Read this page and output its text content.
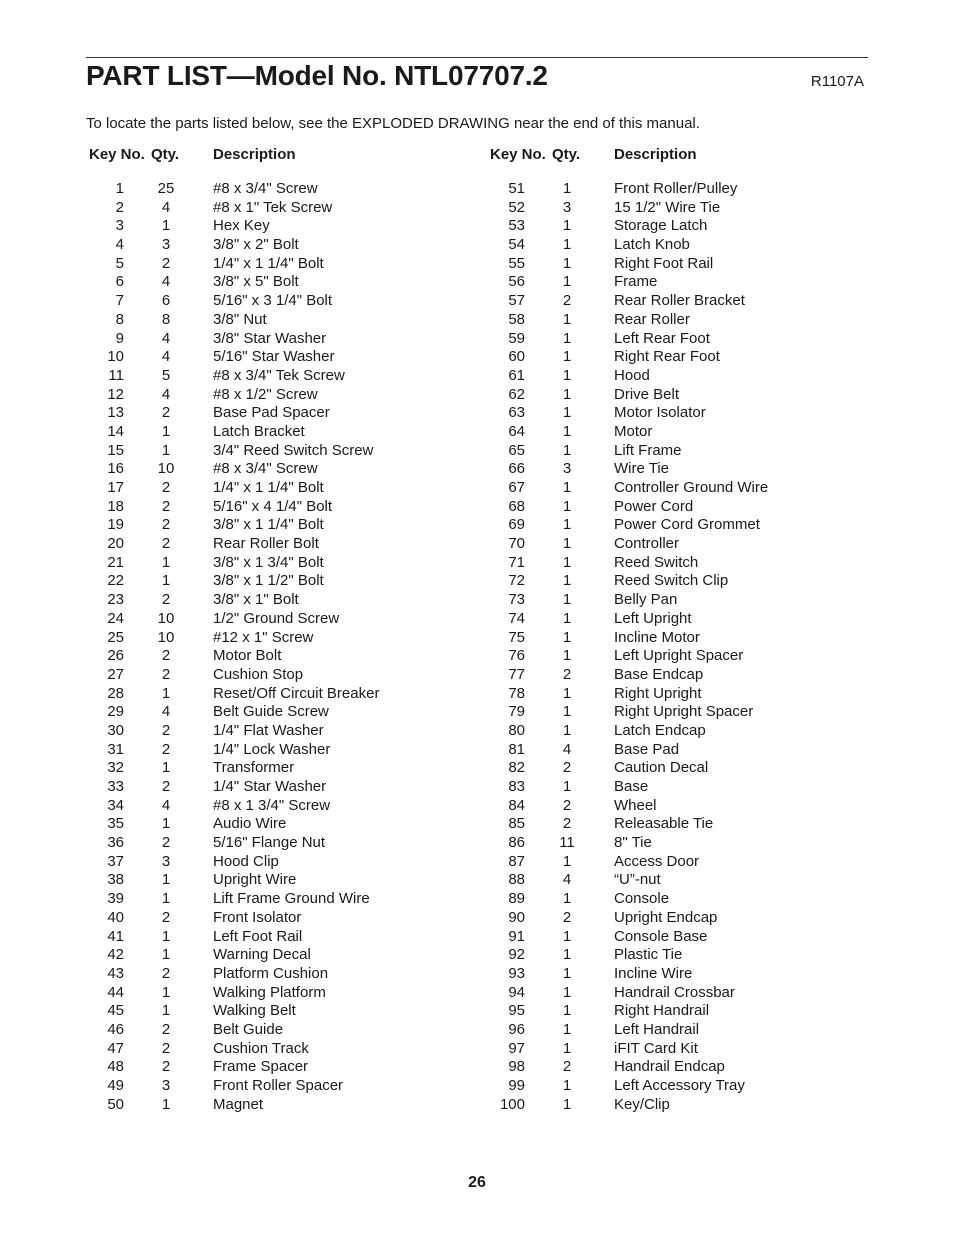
PART LIST—Model No. NTL07707.2	R1107A
To locate the parts listed below, see the EXPLODED DRAWING near the end of this manual.
Key No. Qty. Description
1	25	#8 x 3/4" Screw
2	4	#8 x 1" Tek Screw
3	1	Hex Key
4	3	3/8" x 2" Bolt
5	2	1/4" x 1 1/4" Bolt
6	4	3/8" x 5" Bolt
7	6	5/16" x 3 1/4" Bolt
8	8	3/8" Nut
9	4	3/8" Star Washer
10	4	5/16" Star Washer
11	5	#8 x 3/4" Tek Screw
12	4	#8 x 1/2" Screw
13	2	Base Pad Spacer
14	1	Latch Bracket
15	1	3/4" Reed Switch Screw
16	10	#8 x 3/4" Screw
17	2	1/4" x 1 1/4" Bolt
18	2	5/16" x 4 1/4" Bolt
19	2	3/8" x 1 1/4" Bolt
20	2	Rear Roller Bolt
21	1	3/8" x 1 3/4" Bolt
22	1	3/8" x 1 1/2" Bolt
23	2	3/8" x 1" Bolt
24	10	1/2" Ground Screw
25	10	#12 x 1" Screw
26	2	Motor Bolt
27	2	Cushion Stop
28	1	Reset/Off Circuit Breaker
29	4	Belt Guide Screw
30	2	1/4" Flat Washer
31	2	1/4" Lock Washer
32	1	Transformer
33	2	1/4" Star Washer
34	4	#8 x 1 3/4" Screw
35	1	Audio Wire
36	2	5/16" Flange Nut
37	3	Hood Clip
38	1	Upright Wire
39	1	Lift Frame Ground Wire
40	2	Front Isolator
41	1	Left Foot Rail
42	1	Warning Decal
43	2	Platform Cushion
44	1	Walking Platform
45	1	Walking Belt
46	2	Belt Guide
47	2	Cushion Track
48	2	Frame Spacer
49	3	Front Roller Spacer
50	1	Magnet
Key No. Qty. Description
51	1	Front Roller/Pulley
52	3	15 1/2" Wire Tie
53	1	Storage Latch
54	1	Latch Knob
55	1	Right Foot Rail
56	1	Frame
57	2	Rear Roller Bracket
58	1	Rear Roller
59	1	Left Rear Foot
60	1	Right Rear Foot
61	1	Hood
62	1	Drive Belt
63	1	Motor Isolator
64	1	Motor
65	1	Lift Frame
66	3	Wire Tie
67	1	Controller Ground Wire
68	1	Power Cord
69	1	Power Cord Grommet
70	1	Controller
71	1	Reed Switch
72	1	Reed Switch Clip
73	1	Belly Pan
74	1	Left Upright
75	1	Incline Motor
76	1	Left Upright Spacer
77	2	Base Endcap
78	1	Right Upright
79	1	Right Upright Spacer
80	1	Latch Endcap
81	4	Base Pad
82	2	Caution Decal
83	1	Base
84	2	Wheel
85	2	Releasable Tie
86	11	8" Tie
87	1	Access Door
88	4	“U”-nut
89	1	Console
90	2	Upright Endcap
91	1	Console Base
92	1	Plastic Tie
93	1	Incline Wire
94	1	Handrail Crossbar
95	1	Right Handrail
96	1	Left Handrail
97	1	iFIT Card Kit
98	2	Handrail Endcap
99	1	Left Accessory Tray
100	1	Key/Clip
26
